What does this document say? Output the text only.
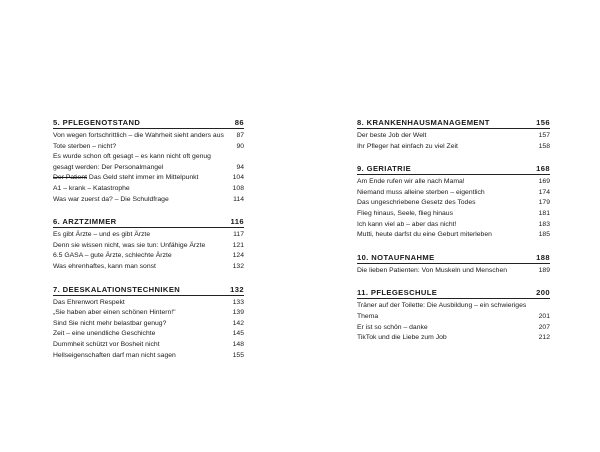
5. PFLEGENOTSTAND	86
Von wegen fortschrittlich – die Wahrheit sieht anders aus	87
Tote sterben – nicht?	90
Es wurde schon oft gesagt – es kann nicht oft genug gesagt werden: Der Personalmangel	94
Der Patient Das Geld steht immer im Mittelpunkt	104
A1 – krank – Katastrophe	108
Was war zuerst da? – Die Schuldfrage	114
6. ARZTZIMMER	116
Es gibt Ärzte – und es gibt Ärzte	117
Denn sie wissen nicht, was sie tun: Unfähige Ärzte	121
6.5 GASA – gute Ärzte, schlechte Ärzte	124
Was ehrenhaftes, kann man sonst	132
7. DEESKALATIONSTECHNIKEN	132
Das Ehrenwort Respekt	133
„Sie haben aber einen schönen Hintern!"	139
Sind Sie nicht mehr belastbar genug?	142
Zeit – eine unendliche Geschichte	145
Dummheit schützt vor Bosheit nicht	148
Hellseigenschaften darf man nicht sagen	155
8. KRANKENHAUSMANAGEMENT	156
Der beste Job der Welt	157
Ihr Pfleger hat einfach zu viel Zeit	158
9. GERIATRIE	168
Am Ende rufen wir alle nach Mama!	169
Niemand muss alleine sterben – eigentlich	174
Das ungeschriebene Gesetz des Todes	179
Flieg hinaus, Seele, flieg hinaus	181
Ich kann viel ab – aber das nicht!	183
Mutti, heute darfst du eine Geburt miterleben	185
10. NOTAUFNAHME	188
Die lieben Patienten: Von Muskeln und Menschen	189
11. PFLEGESCHULE	200
Träner auf der Toilette: Die Ausbildung – ein schwieriges Thema	201
Er ist so schön – danke	207
TikTok und die Liebe zum Job	212
